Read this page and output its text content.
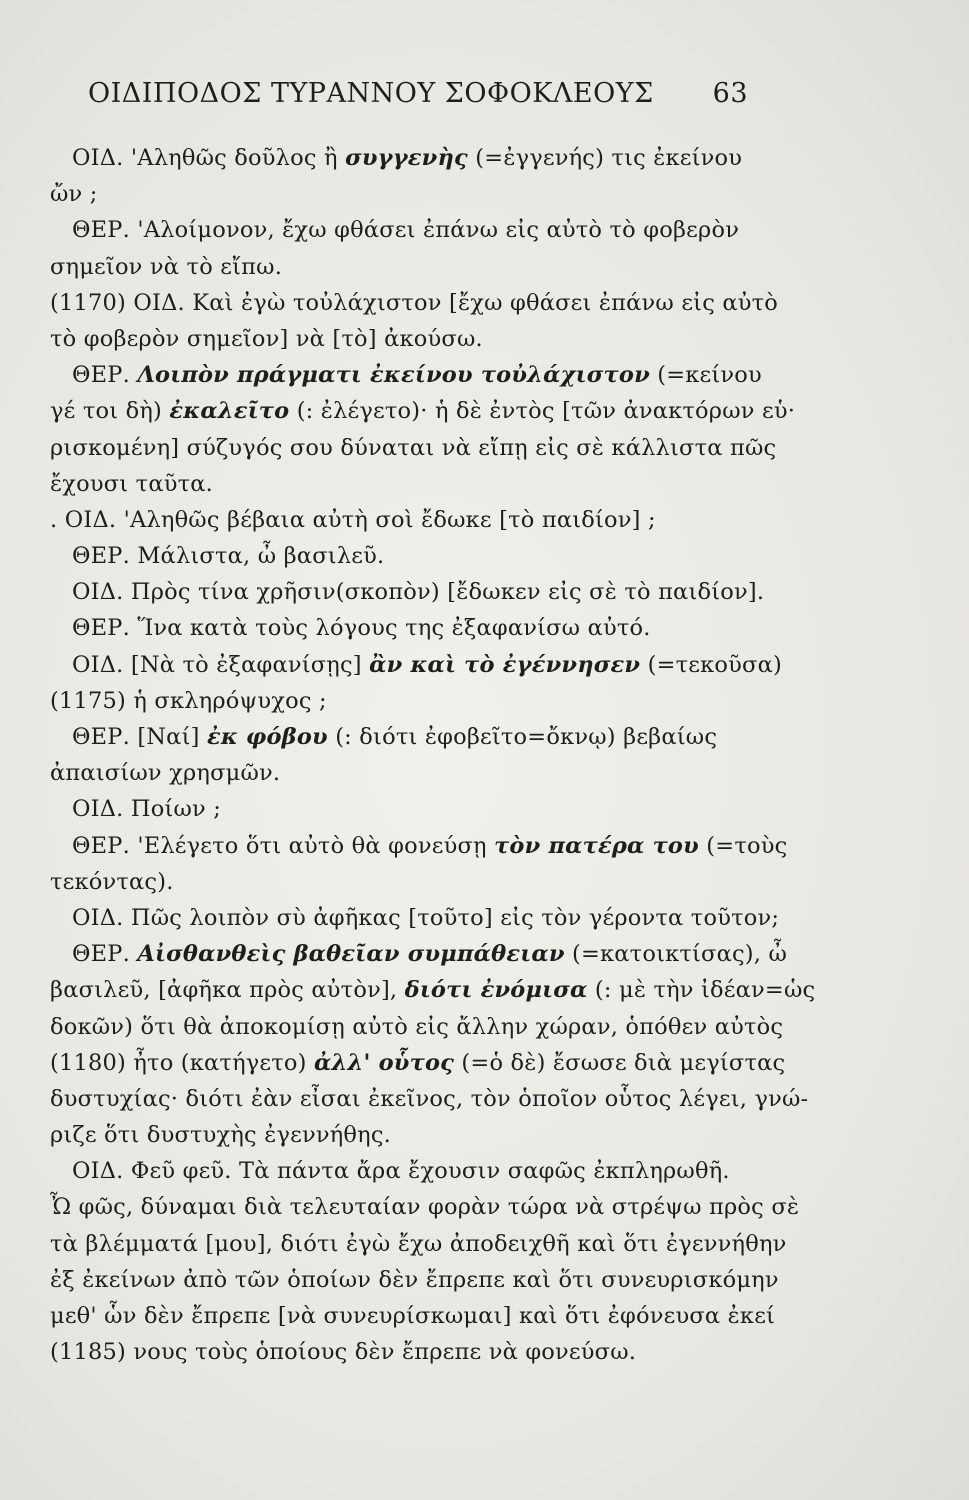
ΟΙΔΙΠΟΔΟΣ ΤΥΡΑΝΝΟΥ ΣΟΦΟΚΛΕΟΥΣ 63
ΟΙΔ. 'Αληθῶς δοῦλος ἢ συγγενὴς (=ἐγγενής) τις ἐκείνου
ὤν ;
ΘΕΡ. 'Αλοίμονον, ἔχω φθάσει ἐπάνω εἰς αὐτὸ τὸ φοβερὸν
σημεῖον νὰ τὸ εἴπω.
(1170) ΟΙΔ. Καὶ ἐγὼ τοὐλάχιστον [ἔχω φθάσει ἐπάνω εἰς αὐτὸ
τὸ φοβερὸν σημεῖον] νὰ [τὸ] ἀκούσω.
ΘΕΡ. Λοιπὸν πράγματι ἐκείνου τοὐλάχιστον (=κείνου
γέ τοι δὴ) ἐκαλεῖτο (: ἐλέγετο)· ἡ δὲ ἐντὸς [τῶν ἀνακτόρων εὑ·
ρισκομένη] σύζυγός σου δύναται νὰ εἴπῃ εἰς σὲ κάλλιστα πῶς
ἔχουσι ταῦτα.
. ΟΙΔ. 'Αληθῶς βέβαια αὐτὴ σοὶ ἔδωκε [τὸ παιδίον] ;
ΘΕΡ. Μάλιστα, ὦ βασιλεῦ.
ΟΙΔ. Πρὸς τίνα χρῆσιν(σκοπὸν) [ἔδωκεν εἰς σὲ τὸ παιδίον].
ΘΕΡ. Ἵνα κατὰ τοὺς λόγους της ἐξαφανίσω αὐτό.
ΟΙΔ. [Νὰ τὸ ἐξαφανίσῃς] ἂν καὶ τὸ ἐγέννησεν (=τεκοῦσα)
(1175) ἡ σκληρόψυχος ;
ΘΕΡ. [Ναί] ἐκ φόβου (: διότι ἐφοβεῖτο=ὄκνῳ) βεβαίως
ἀπαισίων χρησμῶν.
ΟΙΔ. Ποίων ;
ΘΕΡ. 'Ελέγετο ὅτι αὐτὸ θὰ φονεύσῃ τὸν πατέρα του (=τοὺς
τεκόντας).
ΟΙΔ. Πῶς λοιπὸν σὺ ἀφῆκας [τοῦτο] εἰς τὸν γέροντα τοῦτον;
ΘΕΡ. Αἰσθανθεὶς βαθεῖαν συμπάθειαν (=κατοικτίσας), ὦ
βασιλεῦ, [ἀφῆκα πρὸς αὐτὸν], διότι ἐνόμισα (: μὲ τὴν ἰδέαν=ὡς
δοκῶν) ὅτι θὰ ἀποκομίσῃ αὐτὸ εἰς ἄλλην χώραν, ὁπόθεν αὐτὸς
(1180) ἦτο (κατήγετο) ἀλλ' οὗτος (=ὁ δὲ) ἔσωσε διὰ μεγίστας
δυστυχίας· διότι ἐὰν εἶσαι ἐκεῖνος, τὸν ὁποῖον οὗτος λέγει, γνώ-
ριζε ὅτι δυστυχὴς ἐγεννήθης.
ΟΙΔ. Φεῦ φεῦ. Τὰ πάντα ἄρα ἔχουσιν σαφῶς ἐκπληρωθῆ.
Ὦ φῶς, δύναμαι διὰ τελευταίαν φορὰν τώρα νὰ στρέψω πρὸς σὲ
τὰ βλέμματά [μου], διότι ἐγὼ ἔχω ἀποδειχθῆ καὶ ὅτι ἐγεννήθην
ἐξ ἐκείνων ἀπὸ τῶν ὁποίων δὲν ἔπρεπε καὶ ὅτι συνευρισκόμην
μεθ' ὧν δὲν ἔπρεπε [νὰ συνευρίσκωμαι] καὶ ὅτι ἐφόνευσα ἐκεί
(1185) νους τοὺς ὁποίους δὲν ἔπρεπε νὰ φονεύσω.
